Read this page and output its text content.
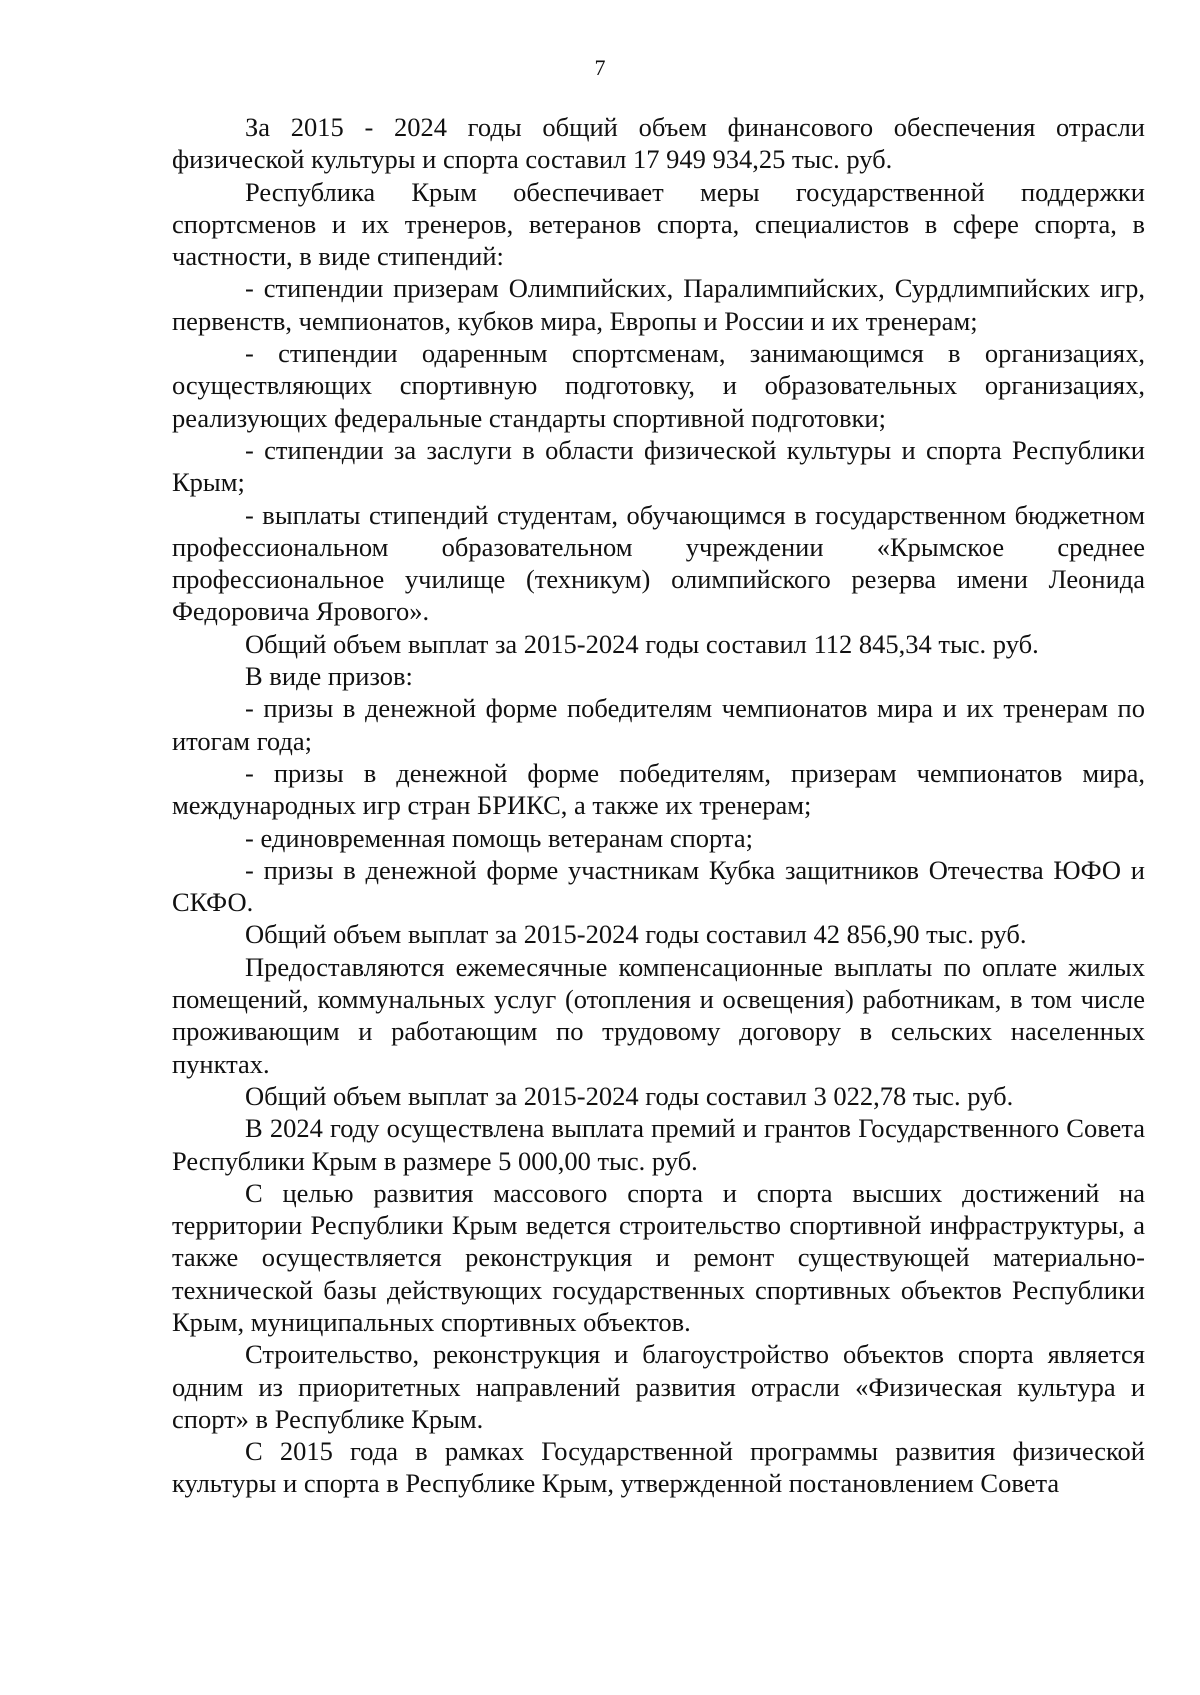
7

За 2015 - 2024 годы общий объем финансового обеспечения отрасли физической культуры и спорта составил 17 949 934,25 тыс. руб.

Республика Крым обеспечивает меры государственной поддержки спортсменов и их тренеров, ветеранов спорта, специалистов в сфере спорта, в частности, в виде стипендий:

- стипендии призерам Олимпийских, Паралимпийских, Сурдлимпийских игр, первенств, чемпионатов, кубков мира, Европы и России и их тренерам;

- стипендии одаренным спортсменам, занимающимся в организациях, осуществляющих спортивную подготовку, и образовательных организациях, реализующих федеральные стандарты спортивной подготовки;

- стипендии за заслуги в области физической культуры и спорта Республики Крым;

- выплаты стипендий студентам, обучающимся в государственном бюджетном профессиональном образовательном учреждении «Крымское среднее профессиональное училище (техникум) олимпийского резерва имени Леонида Федоровича Ярового».

Общий объем выплат за 2015-2024 годы составил 112 845,34 тыс. руб.

В виде призов:

- призы в денежной форме победителям чемпионатов мира и их тренерам по итогам года;

- призы в денежной форме победителям, призерам чемпионатов мира, международных игр стран БРИКС, а также их тренерам;

- единовременная помощь ветеранам спорта;

- призы в денежной форме участникам Кубка защитников Отечества ЮФО и СКФО.

Общий объем выплат за 2015-2024 годы составил 42 856,90 тыс. руб.

Предоставляются ежемесячные компенсационные выплаты по оплате жилых помещений, коммунальных услуг (отопления и освещения) работникам, в том числе проживающим и работающим по трудовому договору в сельских населенных пунктах.

Общий объем выплат за 2015-2024 годы составил 3 022,78 тыс. руб.

В 2024 году осуществлена выплата премий и грантов Государственного Совета Республики Крым в размере 5 000,00 тыс. руб.

С целью развития массового спорта и спорта высших достижений на территории Республики Крым ведется строительство спортивной инфраструктуры, а также осуществляется реконструкция и ремонт существующей материально-технической базы действующих государственных спортивных объектов Республики Крым, муниципальных спортивных объектов.

Строительство, реконструкция и благоустройство объектов спорта является одним из приоритетных направлений развития отрасли «Физическая культура и спорт» в Республике Крым.

С 2015 года в рамках Государственной программы развития физической культуры и спорта в Республике Крым, утвержденной постановлением Совета
